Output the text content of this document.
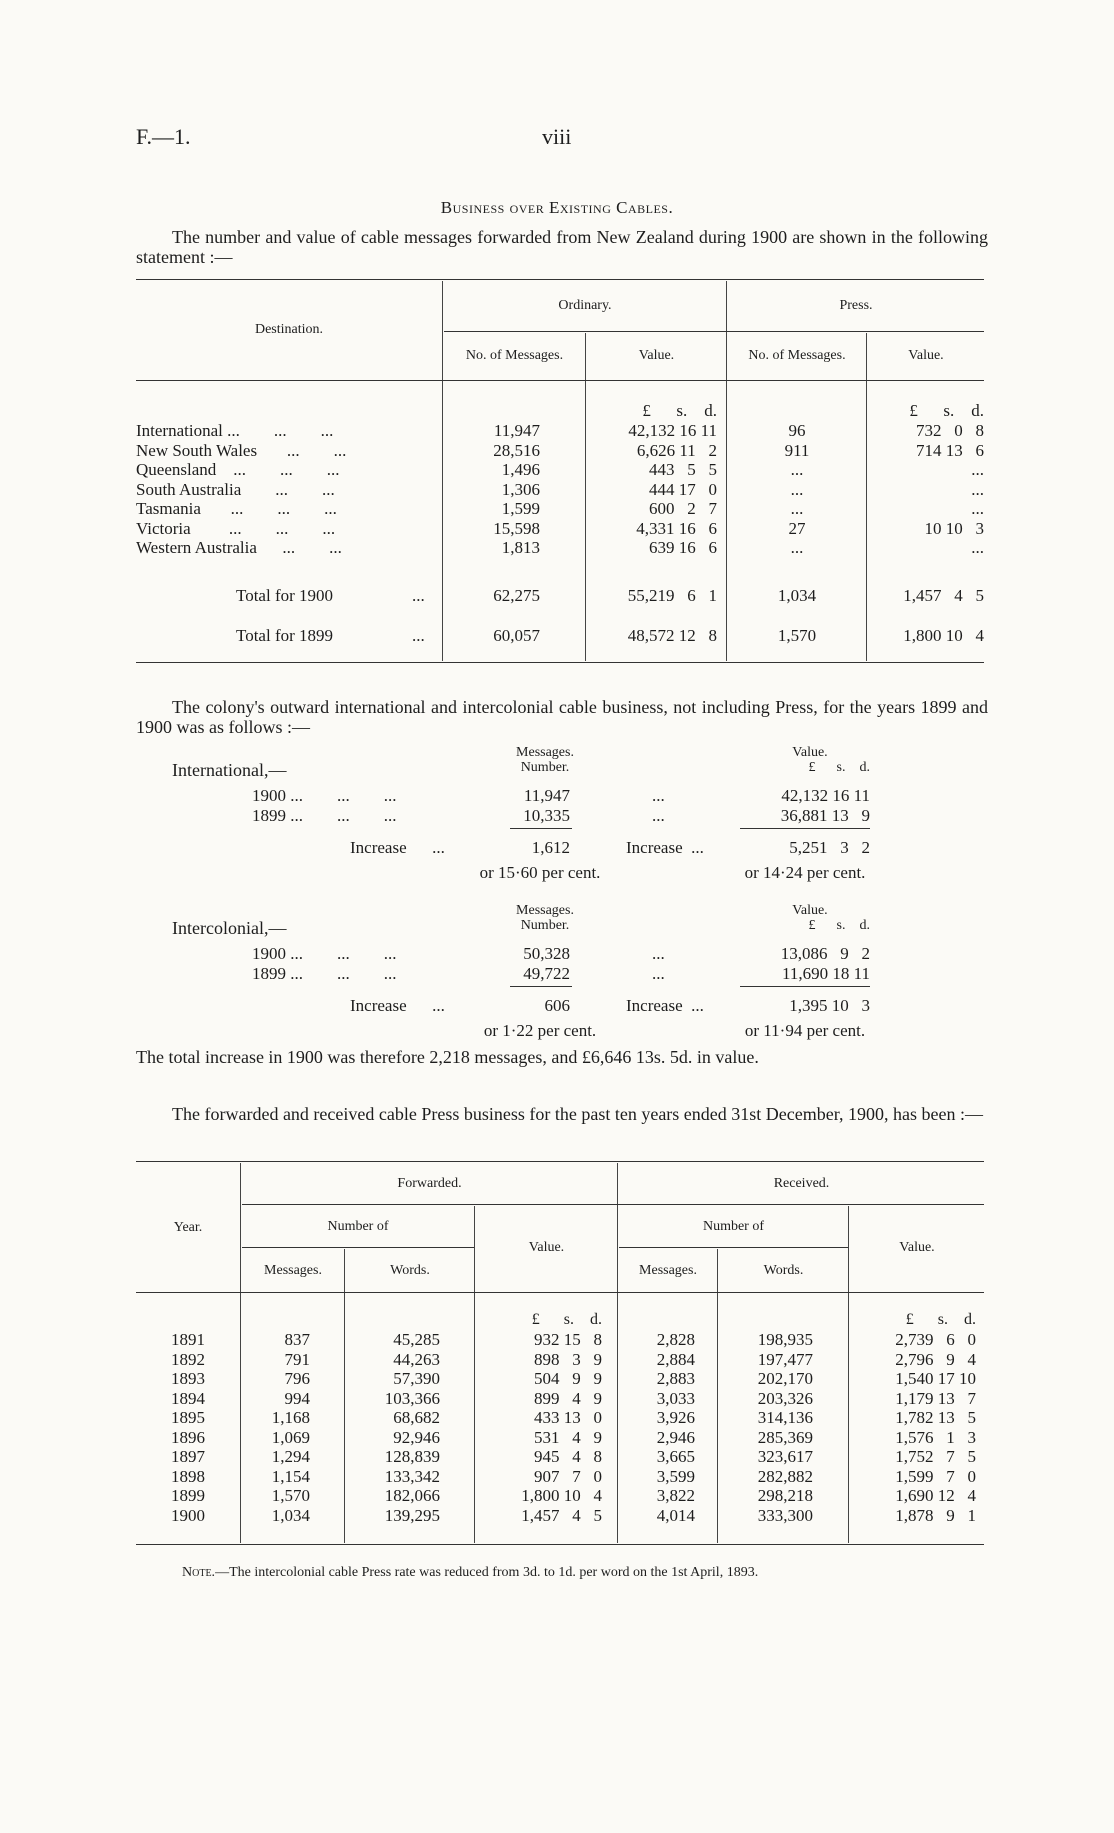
F.—1.	viii
Business over Existing Cables.
The number and value of cable messages forwarded from New Zealand during 1900 are shown in the following statement :—
Destination.
Ordinary.	Press.
No. of Messages.	Value.	No. of Messages.	Value.
£      s.    d.	£      s.    d.
International ...        ...        ...	11,947	42,132 16 11	96	732   0   8
New South Wales       ...        ...	28,516	6,626 11   2	911	714 13   6
Queensland    ...        ...        ...	1,496	443   5   5	...	...
South Australia        ...        ...	1,306	444 17   0	...	...
Tasmania       ...        ...        ...	1,599	600   2   7	...	...
Victoria         ...        ...        ...	15,598	4,331 16   6	27	10 10   3
Western Australia      ...        ...	1,813	639 16   6	...	...
Total for 1900	...	62,275	55,219   6   1	1,034	1,457   4   5
Total for 1899	...	60,057	48,572 12   8	1,570	1,800 10   4
The colony's outward international and intercolonial cable business, not including Press, for the years 1899 and 1900 was as follows :—
International,—
Messages.
Number.
Value.
£      s.    d.
1900 ...        ...        ...	11,947	...	42,132 16 11
1899 ...        ...        ...	10,335	...	36,881 13   9
Increase      ...	1,612	Increase  ...	5,251   3   2
or 15·60 per cent.	or 14·24 per cent.
Intercolonial,—
Messages.
Number.
Value.
£      s.    d.
1900 ...        ...        ...	50,328	...	13,086   9   2
1899 ...        ...        ...	49,722	...	11,690 18 11
Increase      ...	606	Increase  ...	1,395 10   3
or 1·22 per cent.	or 11·94 per cent.
The total increase in 1900 was therefore 2,218 messages, and £6,646 13s. 5d. in value.
The forwarded and received cable Press business for the past ten years ended 31st December, 1900, has been :—
Year.
Forwarded.	Received.
Number of
Value.
Number of
Value.
Messages.	Words.	Messages.	Words.
£      s.    d.	£      s.    d.
1891	837	45,285	932 15   8	2,828	198,935	2,739   6   0
1892	791	44,263	898   3   9	2,884	197,477	2,796   9   4
1893	796	57,390	504   9   9	2,883	202,170	1,540 17 10
1894	994	103,366	899   4   9	3,033	203,326	1,179 13   7
1895	1,168	68,682	433 13   0	3,926	314,136	1,782 13   5
1896	1,069	92,946	531   4   9	2,946	285,369	1,576   1   3
1897	1,294	128,839	945   4   8	3,665	323,617	1,752   7   5
1898	1,154	133,342	907   7   0	3,599	282,882	1,599   7   0
1899	1,570	182,066	1,800 10   4	3,822	298,218	1,690 12   4
1900	1,034	139,295	1,457   4   5	4,014	333,300	1,878   9   1
Note.—The intercolonial cable Press rate was reduced from 3d. to 1d. per word on the 1st April, 1893.
